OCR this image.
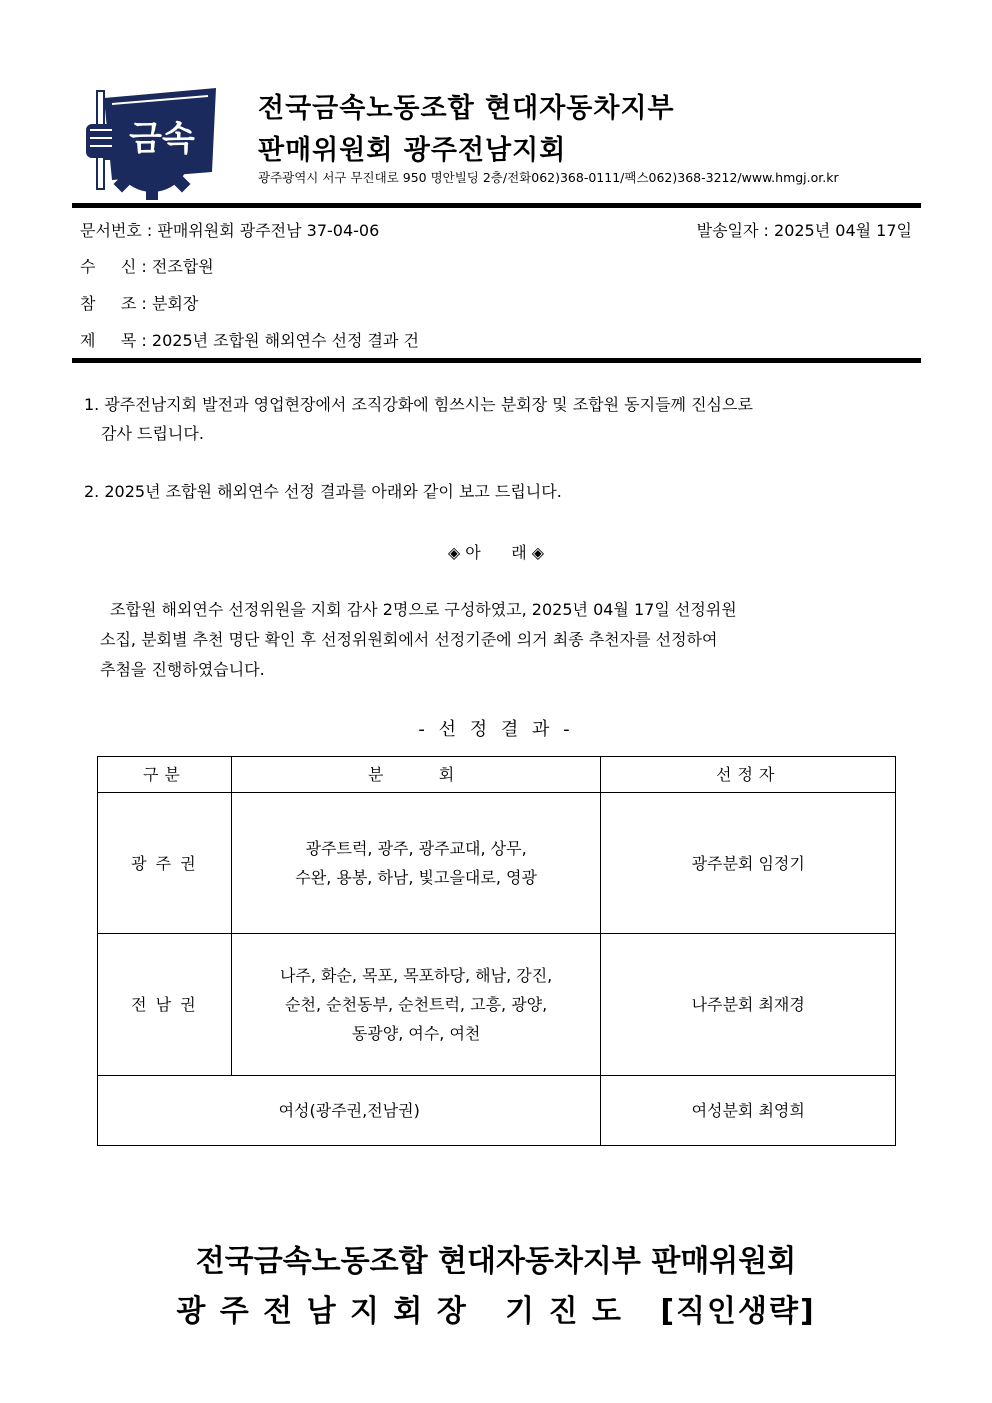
금속
전국금속노동조합 현대자동차지부
판매위원회 광주전남지회
광주광역시 서구 무진대로 950 명안빌딩 2층/전화062)368-0111/팩스062)368-3212/www.hmgj.or.kr
문서번호 : 판매위원회 광주전남 37-04-06	발송일자 : 2025년 04월 17일
수     신 : 전조합원
참     조 : 분회장
제     목 : 2025년 조합원 해외연수 선정 결과 건
1. 광주전남지회 발전과 영업현장에서 조직강화에 힘쓰시는 분회장 및 조합원 동지들께 진심으로
감사 드립니다.
2. 2025년 조합원 해외연수 선정 결과를 아래와 같이 보고 드립니다.
◈ 아      래 ◈
조합원 해외연수 선정위원을 지회 감사 2명으로 구성하였고, 2025년 04월 17일 선정위원
소집, 분회별 추천 명단 확인 후 선정위원회에서 선정기준에 의거 최종 추천자를 선정하여
추첨을 진행하였습니다.
- 선 정 결 과 -
구분	분   회	선정자
광 주 권	광주트럭, 광주, 광주교대, 상무,
수완, 용봉, 하남, 빛고을대로, 영광	광주분회 임정기
전 남 권	나주, 화순, 목포, 목포하당, 해남, 강진,
순천, 순천동부, 순천트럭, 고흥, 광양,
동광양, 여수, 여천	나주분회 최재경
여성(광주권,전남권)		여성분회 최영희
전국금속노동조합 현대자동차지부 판매위원회
광 주 전 남 지 회 장   기 진 도   [직인생략]
